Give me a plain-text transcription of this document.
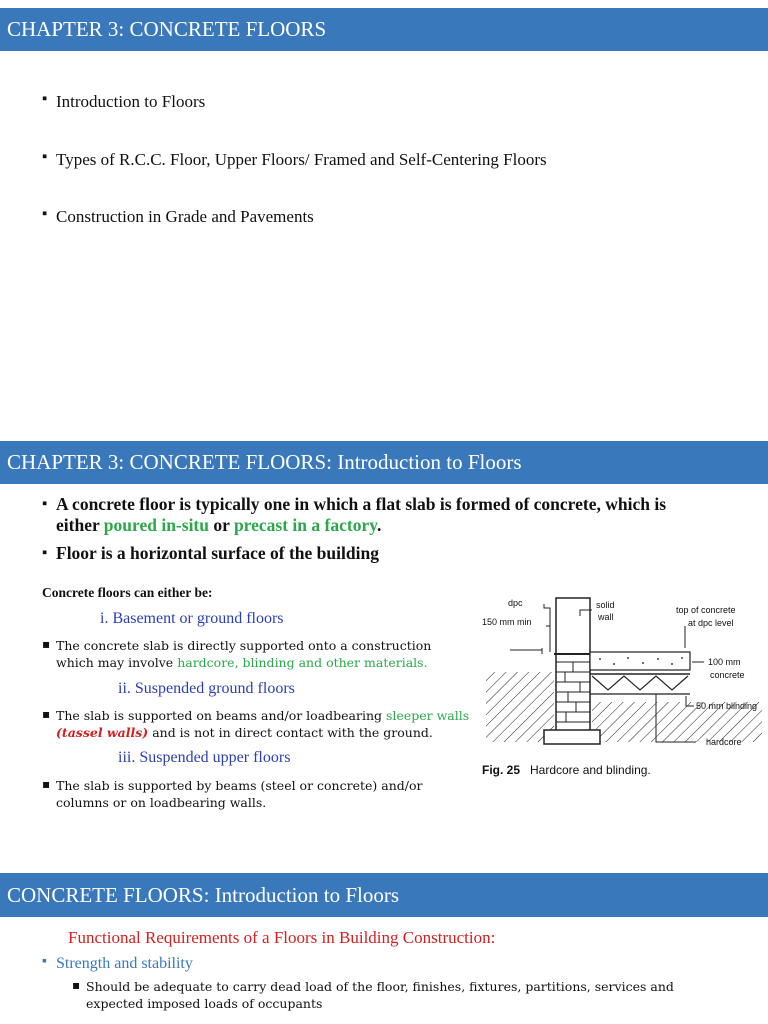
CHAPTER 3: CONCRETE FLOORS
▪ Introduction to Floors
▪ Types of R.C.C. Floor, Upper Floors/ Framed and Self-Centering Floors
▪ Construction in Grade and Pavements
CHAPTER 3: CONCRETE FLOORS: Introduction to Floors
▪ A concrete floor is typically one in which a flat slab is formed of concrete, which is
either poured in-situ or precast in a factory.
▪ Floor is a horizontal surface of the building
Concrete floors can either be:
i. Basement or ground floors
▪ The concrete slab is directly supported onto a construction
which may involve hardcore, blinding and other materials.
ii. Suspended ground floors
▪ The slab is supported on beams and/or loadbearing sleeper walls
(tassel walls) and is not in direct contact with the ground.
iii. Suspended upper floors
▪ The slab is supported by beams (steel or concrete) and/or
columns or on loadbearing walls.
dpc
150 mm min
solid
wall
top of concrete
at dpc level
100 mm
concrete
50 mm blinding
hardcore
Fig. 25 Hardcore and blinding.
CONCRETE FLOORS: Introduction to Floors
Functional Requirements of a Floors in Building Construction:
▪ Strength and stability
▪ Should be adequate to carry dead load of the floor, finishes, fixtures, partitions, services and
expected imposed loads of occupants
